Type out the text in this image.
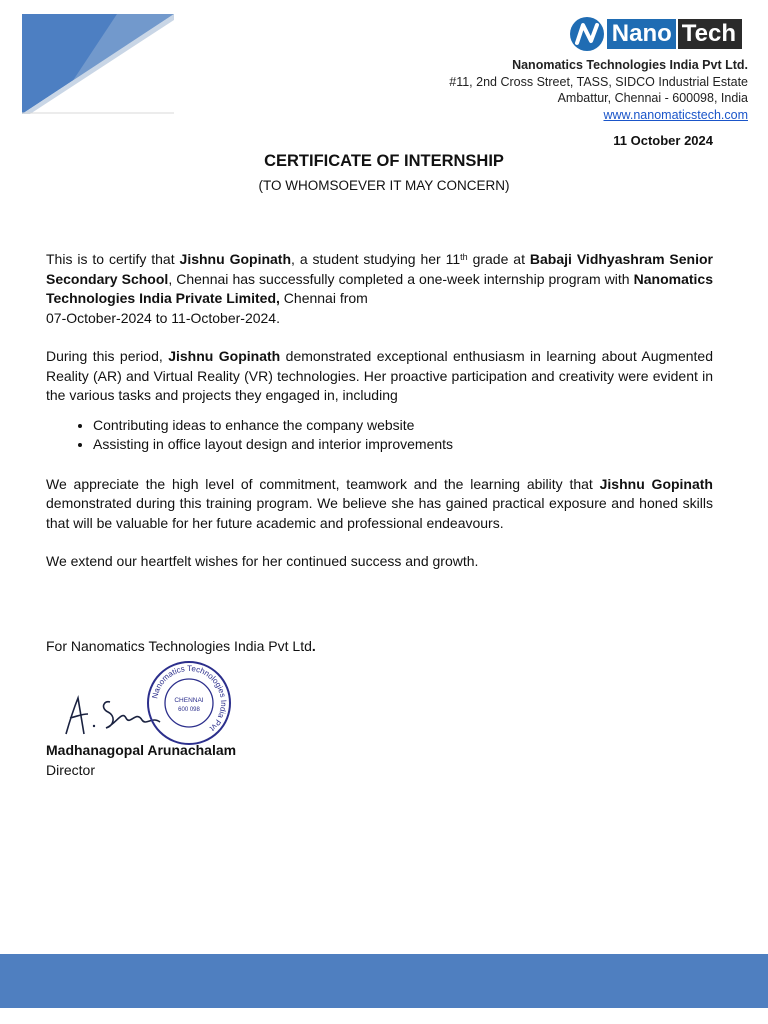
Nano Tech
Nanomatics Technologies India Pvt Ltd.
#11, 2nd Cross Street, TASS, SIDCO Industrial Estate
Ambattur, Chennai - 600098, India
www.nanomaticstech.com
11 October 2024
CERTIFICATE OF INTERNSHIP
(TO WHOMSOEVER IT MAY CONCERN)

This is to certify that Jishnu Gopinath, a student studying her 11th grade at Babaji Vidhyashram Senior Secondary School, Chennai has successfully completed a one-week internship program with Nanomatics Technologies India Private Limited, Chennai from
07-October-2024 to 11-October-2024.

During this period, Jishnu Gopinath demonstrated exceptional enthusiasm in learning about Augmented Reality (AR) and Virtual Reality (VR) technologies. Her proactive participation and creativity were evident in the various tasks and projects they engaged in, including

• Contributing ideas to enhance the company website
• Assisting in office layout design and interior improvements

We appreciate the high level of commitment, teamwork and the learning ability that Jishnu Gopinath demonstrated during this training program. We believe she has gained practical exposure and honed skills that will be valuable for her future academic and professional endeavours.

We extend our heartfelt wishes for her continued success and growth.

For Nanomatics Technologies India Pvt Ltd.
Nanomatics Technologies India Pvt
CHENNAI
600 098
Madhanagopal Arunachalam
Director
